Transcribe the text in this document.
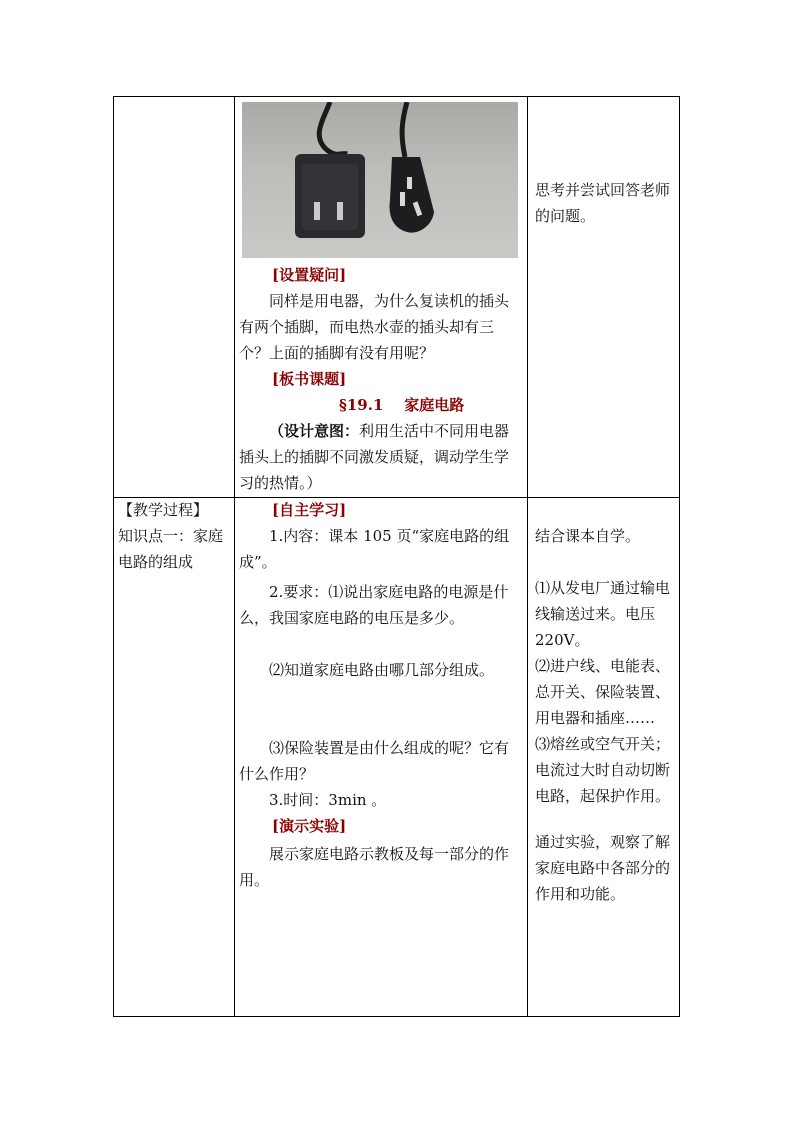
[设置疑问]

同样是用电器，为什么复读机的插头有两个插脚，而电热水壶的插头却有三个？上面的插脚有没有用呢？

[板书课题]

§19.1    家庭电路

（设计意图：利用生活中不同用电器插头上的插脚不同激发质疑，调动学生学习的热情。）

思考并尝试回答老师的问题。

【教学过程】

知识点一：家庭电路的组成

[自主学习]

1.内容：课本 105 页“家庭电路的组成”。

2.要求：⑴说出家庭电路的电源是什么，我国家庭电路的电压是多少。

⑵知道家庭电路由哪几部分组成。

⑶保险装置是由什么组成的呢？它有什么作用？

3.时间：3min 。

[演示实验]

展示家庭电路示教板及每一部分的作用。

结合课本自学。

⑴从发电厂通过输电线输送过来。电压 220V。

⑵进户线、电能表、总开关、保险装置、用电器和插座……

⑶熔丝或空气开关；电流过大时自动切断电路，起保护作用。

通过实验，观察了解家庭电路中各部分的作用和功能。
